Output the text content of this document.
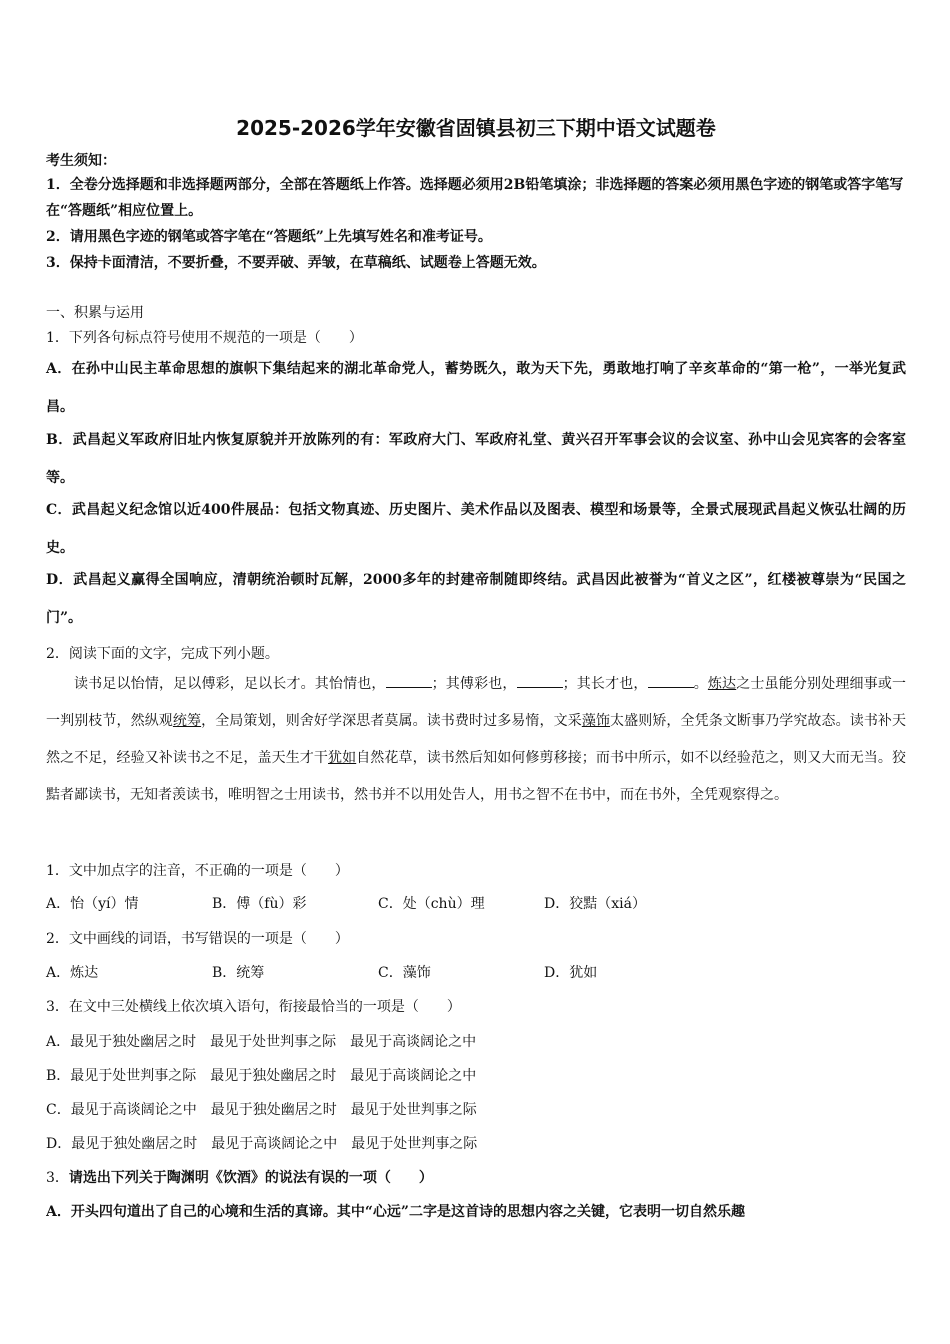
2025-2026学年安徽省固镇县初三下期中语文试题卷
考生须知：
1．全卷分选择题和非选择题两部分，全部在答题纸上作答。选择题必须用2B铅笔填涂；非选择题的答案必须用黑色字迹的钢笔或答字笔写在“答题纸”相应位置上。
2．请用黑色字迹的钢笔或答字笔在“答题纸”上先填写姓名和准考证号。
3．保持卡面清洁，不要折叠，不要弄破、弄皱，在草稿纸、试题卷上答题无效。
一、积累与运用
1．下列各句标点符号使用不规范的一项是（　　）
A．在孙中山民主革命思想的旗帜下集结起来的湖北革命党人，蓄势既久，敢为天下先，勇敢地打响了辛亥革命的“第一枪”，一举光复武昌。
B．武昌起义军政府旧址内恢复原貌并开放陈列的有：军政府大门、军政府礼堂、黄兴召开军事会议的会议室、孙中山会见宾客的会客室等。
C．武昌起义纪念馆以近400件展品：包括文物真迹、历史图片、美术作品以及图表、模型和场景等，全景式展现武昌起义恢弘壮阔的历史。
D．武昌起义赢得全国响应，清朝统治顿时瓦解，2000多年的封建帝制随即终结。武昌因此被誉为“首义之区”，红楼被尊崇为“民国之门”。
2．阅读下面的文字，完成下列小题。
读书足以怡情，足以傅彩，足以长才。其怡情也，	；其傅彩也，	；其长才也，	。炼达之士虽能分别处理细事或一一判别枝节，然纵观统筹，全局策划，则舍好学深思者莫属。读书费时过多易惰，文采藻饰太盛则矫，全凭条文断事乃学究故态。读书补天然之不足，经验又补读书之不足，盖天生才干犹如自然花草，读书然后知如何修剪移接；而书中所示，如不以经验范之，则又大而无当。狡黠者鄙读书，无知者羡读书，唯明智之士用读书，然书并不以用处告人，用书之智不在书中，而在书外，全凭观察得之。
1．文中加点字的注音，不正确的一项是（　　）
A．怡（yí）情	B．傅（fù）彩	C．处（chù）理	D．狡黠（xiá）
2．文中画线的词语，书写错误的一项是（　　）
A．炼达	B．统筹	C．藻饰	D．犹如
3．在文中三处横线上依次填入语句，衔接最恰当的一项是（　　）
A．最见于独处幽居之时　最见于处世判事之际　最见于高谈阔论之中
B．最见于处世判事之际　最见于独处幽居之时　最见于高谈阔论之中
C．最见于高谈阔论之中　最见于独处幽居之时　最见于处世判事之际
D．最见于独处幽居之时　最见于高谈阔论之中　最见于处世判事之际
3．请选出下列关于陶渊明《饮酒》的说法有误的一项（　　）
A．开头四句道出了自己的心境和生活的真谛。其中“心远”二字是这首诗的思想内容之关键，它表明一切自然乐趣
